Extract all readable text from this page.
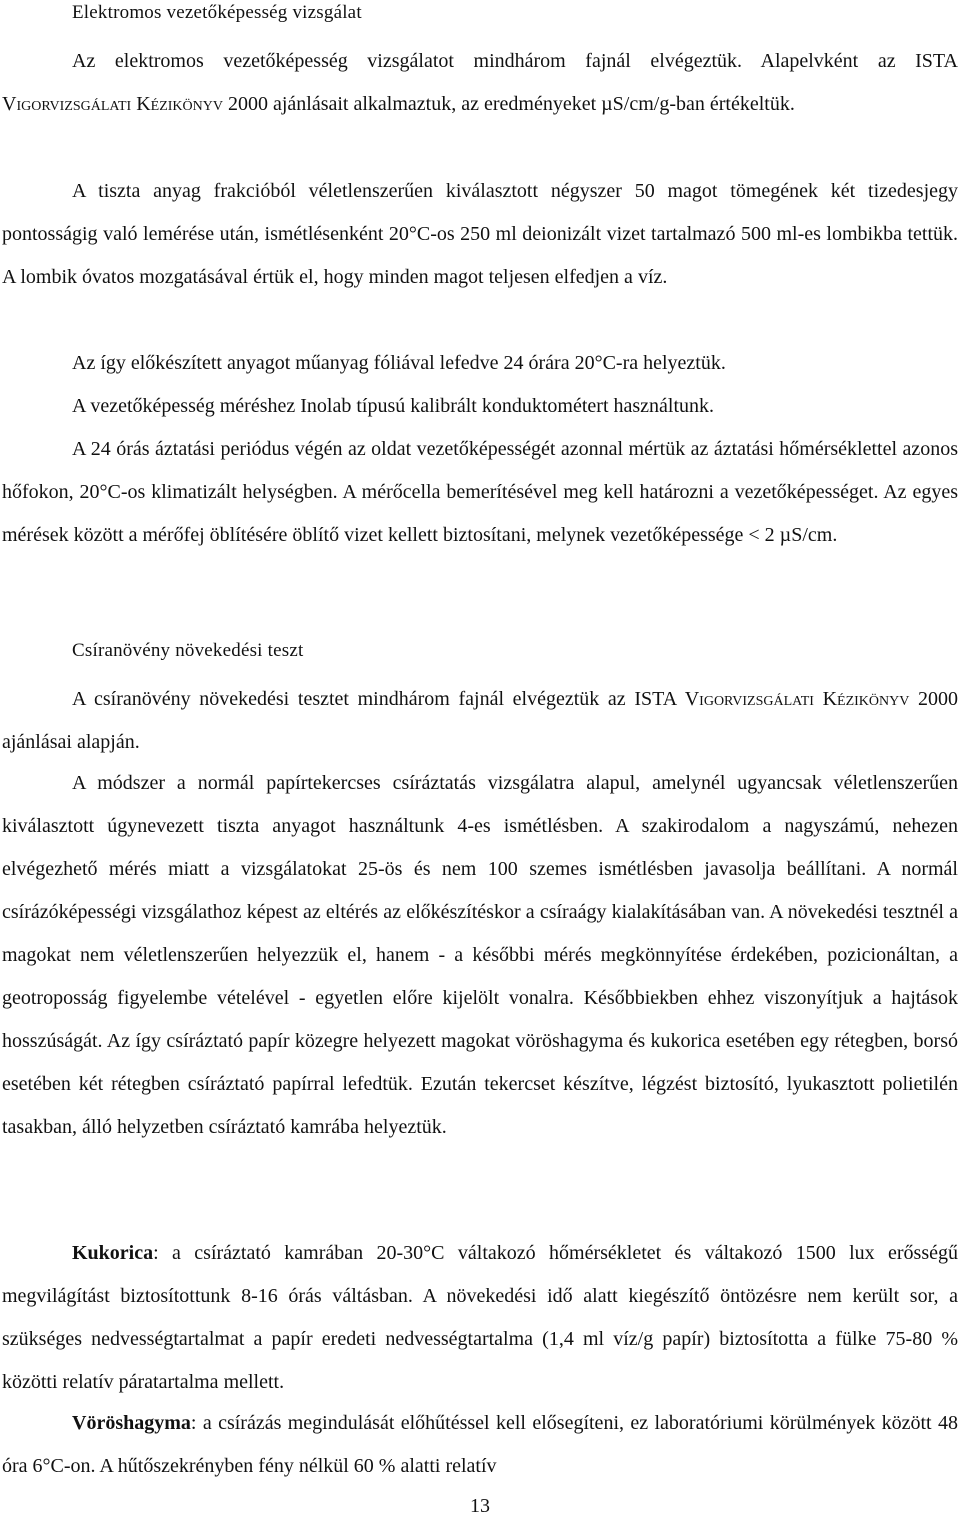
Elektromos vezetőképesség vizsgálat

Az elektromos vezetőképesség vizsgálatot mindhárom fajnál elvégeztük. Alapelvként az ISTA Vigorvizsgálati Kézikönyv 2000 ajánlásait alkalmaztuk, az eredményeket µS/cm/g-ban értékeltük.

A tiszta anyag frakcióból véletlenszerűen kiválasztott négyszer 50 magot tömegének két tizedesjegy pontosságig való lemérése után, ismétlésenként 20°C-os 250 ml deionizált vizet tartalmazó 500 ml-es lombikba tettük. A lombik óvatos mozgatásával értük el, hogy minden magot teljesen elfedjen a víz.

Az így előkészített anyagot műanyag fóliával lefedve 24 órára 20°C-ra helyeztük.

A vezetőképesség méréshez Inolab típusú kalibrált konduktométert használtunk.

A 24 órás áztatási periódus végén az oldat vezetőképességét azonnal mértük az áztatási hőmérséklettel azonos hőfokon, 20°C-os klimatizált helységben. A mérőcella bemerítésével meg kell határozni a vezetőképességet. Az egyes mérések között a mérőfej öblítésére öblítő vizet kellett biztosítani, melynek vezetőképessége < 2 µS/cm.

Csíranövény növekedési teszt

A csíranövény növekedési tesztet mindhárom fajnál elvégeztük az ISTA Vigorvizsgálati Kézikönyv 2000 ajánlásai alapján.

A módszer a normál papírtekercses csíráztatás vizsgálatra alapul, amelynél ugyancsak véletlenszerűen kiválasztott úgynevezett tiszta anyagot használtunk 4-es ismétlésben. A szakirodalom a nagyszámú, nehezen elvégezhető mérés miatt a vizsgálatokat 25-ös és nem 100 szemes ismétlésben javasolja beállítani. A normál csírázóképességi vizsgálathoz képest az eltérés az előkészítéskor a csíraágy kialakításában van. A növekedési tesztnél a magokat nem véletlenszerűen helyezzük el, hanem - a későbbi mérés megkönnyítése érdekében, pozicionáltan, a geotroposság figyelembe vételével - egyetlen előre kijelölt vonalra. Későbbiekben ehhez viszonyítjuk a hajtások hosszúságát. Az így csíráztató papír közegre helyezett magokat vöröshagyma és kukorica esetében egy rétegben, borsó esetében két rétegben csíráztató papírral lefedtük. Ezután tekercset készítve, légzést biztosító, lyukasztott polietilén tasakban, álló helyzetben csíráztató kamrába helyeztük.

Kukorica: a csíráztató kamrában 20-30°C váltakozó hőmérsékletet és váltakozó 1500 lux erősségű megvilágítást biztosítottunk 8-16 órás váltásban. A növekedési idő alatt kiegészítő öntözésre nem került sor, a szükséges nedvességtartalmat a papír eredeti nedvességtartalma (1,4 ml víz/g papír) biztosította a fülke 75-80 % közötti relatív páratartalma mellett.

Vöröshagyma: a csírázás megindulását előhűtéssel kell elősegíteni, ez laboratóriumi körülmények között 48 óra 6°C-on. A hűtőszekrényben fény nélkül 60 % alatti relatív

13
